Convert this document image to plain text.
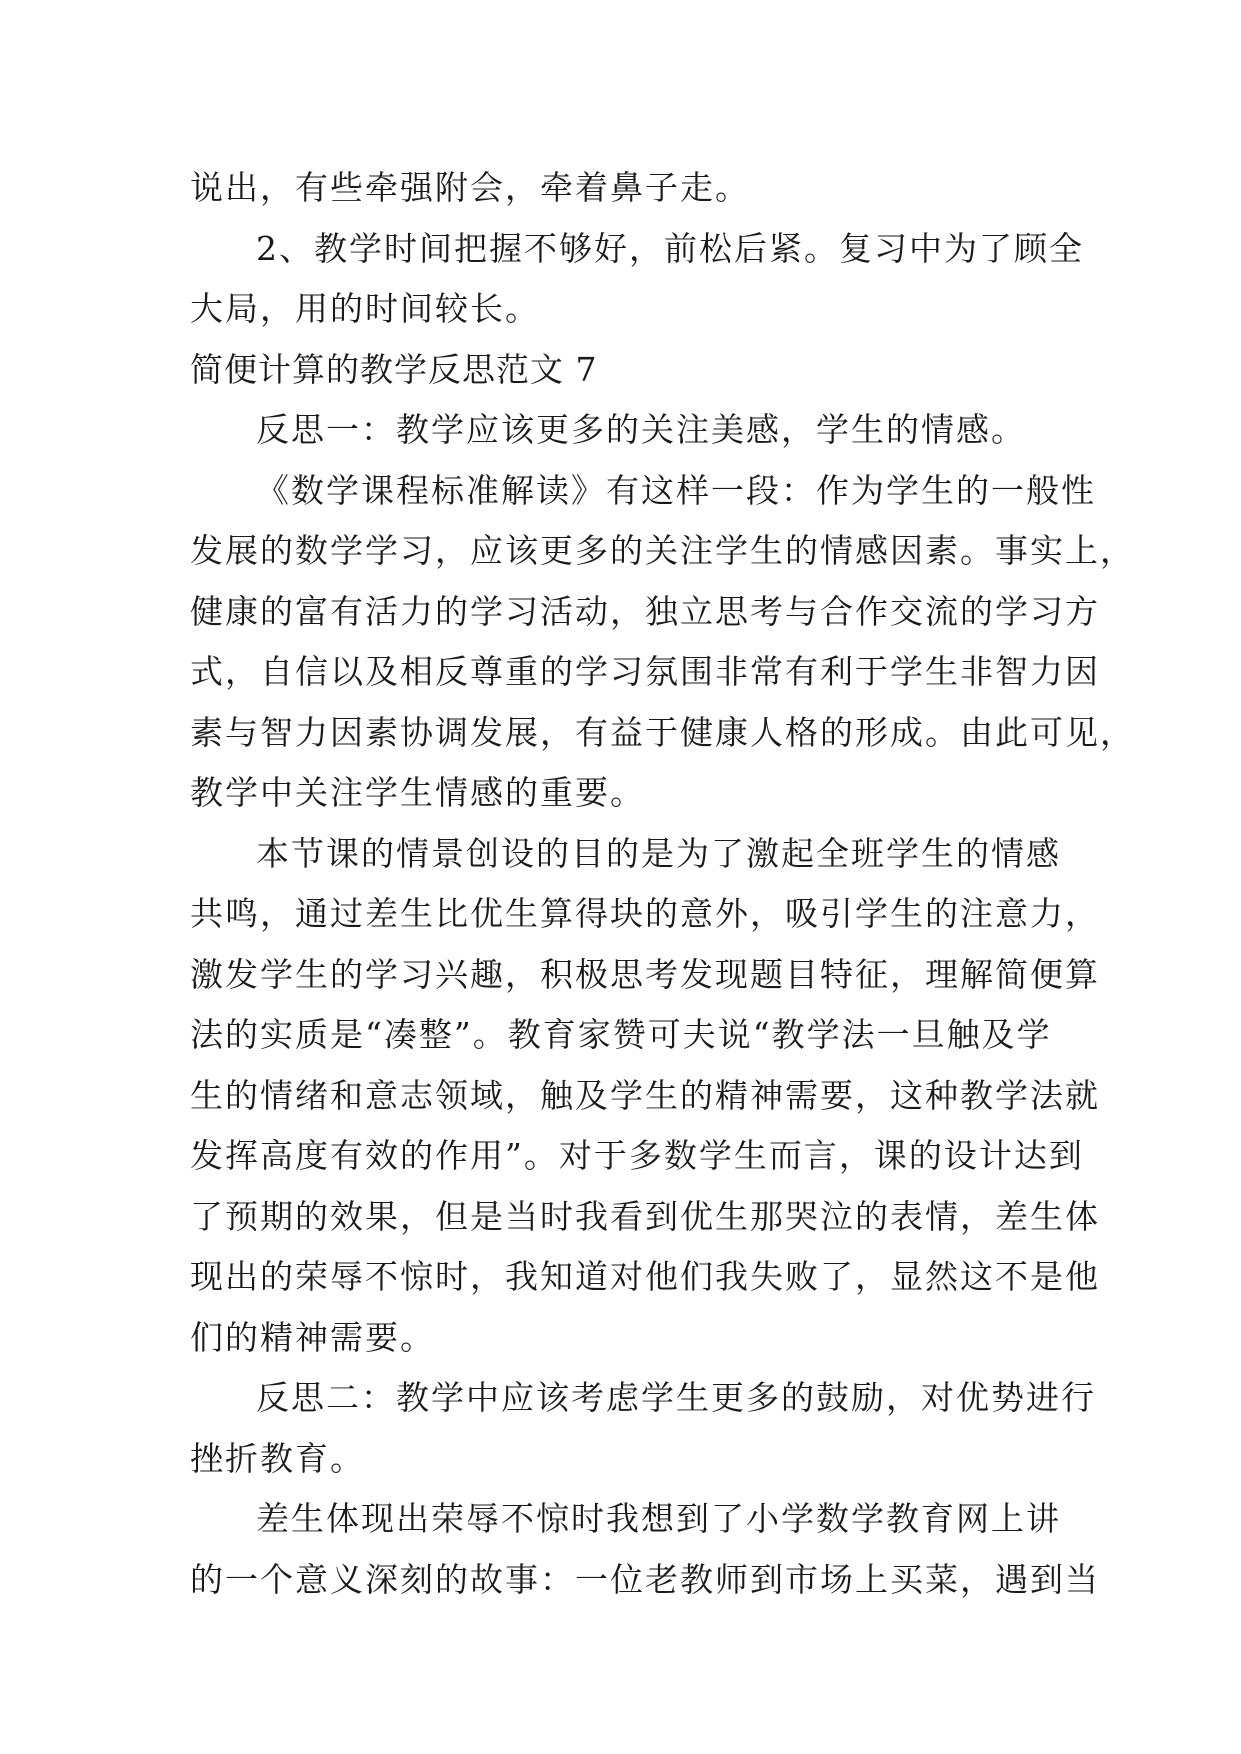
说出，有些牵强附会，牵着鼻子走。
2、教学时间把握不够好，前松后紧。复习中为了顾全
大局，用的时间较长。
简便计算的教学反思范文 7
反思一：教学应该更多的关注美感，学生的情感。
《数学课程标准解读》有这样一段：作为学生的一般性
发展的数学学习，应该更多的关注学生的情感因素。事实上，
健康的富有活力的学习活动，独立思考与合作交流的学习方
式，自信以及相反尊重的学习氛围非常有利于学生非智力因
素与智力因素协调发展，有益于健康人格的形成。由此可见，
教学中关注学生情感的重要。
本节课的情景创设的目的是为了激起全班学生的情感
共鸣，通过差生比优生算得块的意外，吸引学生的注意力，
激发学生的学习兴趣，积极思考发现题目特征，理解简便算
法的实质是“凑整”。教育家赞可夫说“教学法一旦触及学
生的情绪和意志领域，触及学生的精神需要，这种教学法就
发挥高度有效的作用”。对于多数学生而言，课的设计达到
了预期的效果，但是当时我看到优生那哭泣的表情，差生体
现出的荣辱不惊时，我知道对他们我失败了，显然这不是他
们的精神需要。
反思二：教学中应该考虑学生更多的鼓励，对优势进行
挫折教育。
差生体现出荣辱不惊时我想到了小学数学教育网上讲
的一个意义深刻的故事：一位老教师到市场上买菜，遇到当
